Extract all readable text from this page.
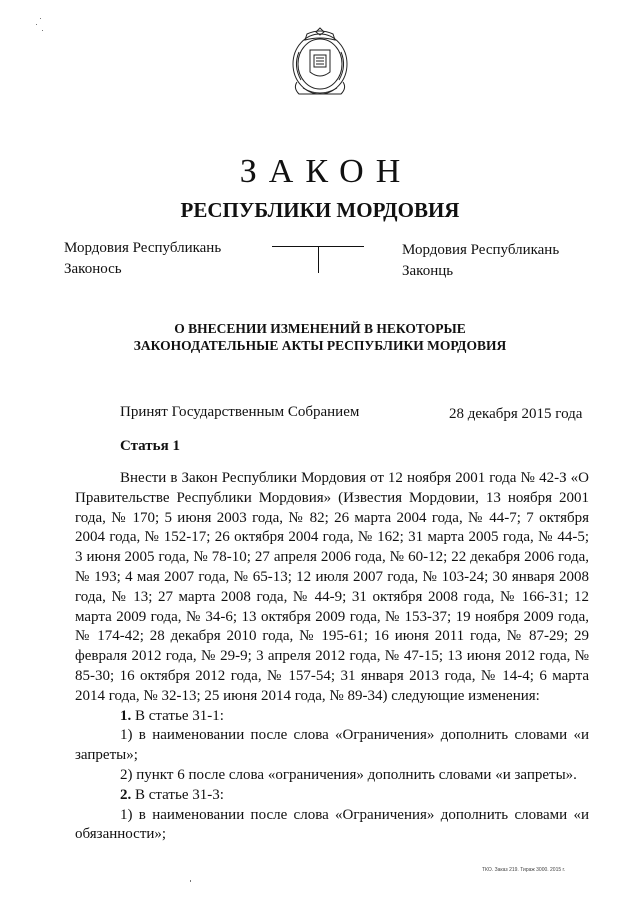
ЗАКОН
РЕСПУБЛИКИ МОРДОВИЯ
Мордовия Республикань
Законось
Мордовия Республикань
Законць
О ВНЕСЕНИИ ИЗМЕНЕНИЙ В НЕКОТОРЫЕ
ЗАКОНОДАТЕЛЬНЫЕ АКТЫ РЕСПУБЛИКИ МОРДОВИЯ
Принят Государственным Собранием	28 декабря 2015 года
Статья 1

Внести в Закон Республики Мордовия от 12 ноября 2001 года № 42-З «О Правительстве Республики Мордовия» (Известия Мордовии, 13 ноября 2001 года, № 170; 5 июня 2003 года, № 82; 26 марта 2004 года, № 44-7; 7 октября 2004 года, № 152-17; 26 октября 2004 года, № 162; 31 марта 2005 года, № 44-5; 3 июня 2005 года, № 78-10; 27 апреля 2006 года, № 60-12; 22 декабря 2006 года, № 193; 4 мая 2007 года, № 65-13; 12 июля 2007 года, № 103-24; 30 января 2008 года, № 13; 27 марта 2008 года, № 44-9; 31 октября 2008 года, № 166-31; 12 марта 2009 года, № 34-6; 13 октября 2009 года, № 153-37; 19 ноября 2009 года, № 174-42; 28 декабря 2010 года, № 195-61; 16 июня 2011 года, № 87-29; 29 февраля 2012 года, № 29-9; 3 апреля 2012 года, № 47-15; 13 июня 2012 года, № 85-30; 16 октября 2012 года, № 157-54; 31 января 2013 года, № 14-4; 6 марта 2014 года, № 32-13; 25 июня 2014 года, № 89-34) следующие изменения:

1. В статье 31-1:

1) в наименовании после слова «Ограничения» дополнить словами «и запреты»;

2) пункт 6 после слова «ограничения» дополнить словами «и запреты».

2. В статье 31-3:

1) в наименовании после слова «Ограничения» дополнить словами «и обязанности»;

ТКО. Заказ 219. Тираж 3000. 2015 г.
